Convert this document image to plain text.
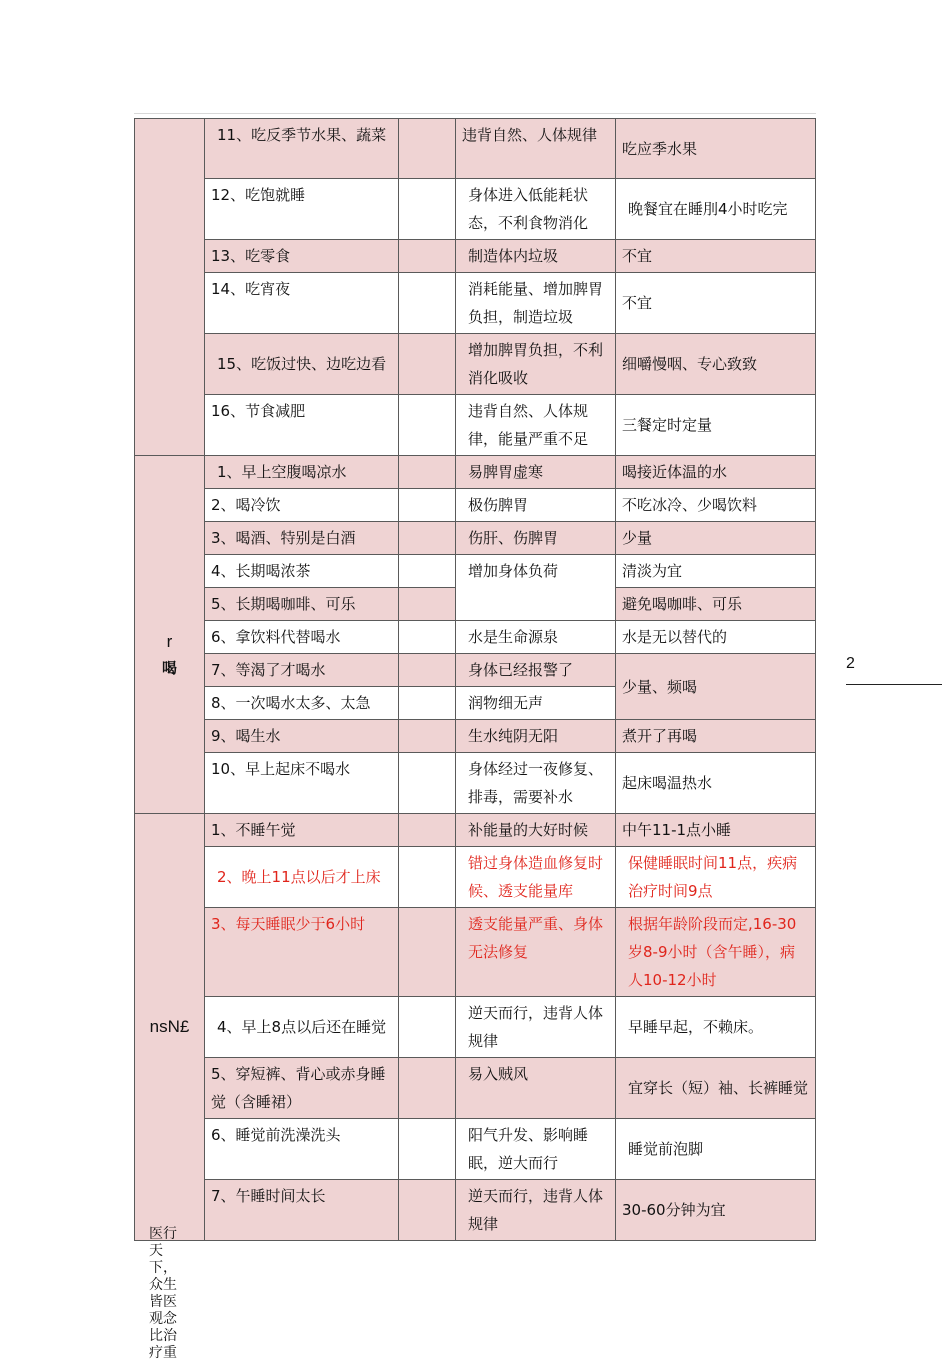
	11、吃反季节水果、蔬菜		违背自然、人体规律	吃应季水果
	12、吃饱就睡		身体进入低能耗状态，不利食物消化	晚餐宜在睡刖4小时吃完
	13、吃零食		制造体内垃圾	不宜
	14、吃宵夜		消耗能量、增加脾胃负担，制造垃圾	不宜
	15、吃饭过快、边吃边看		增加脾胃负担，不利消化吸收	细嚼慢咽、专心致致
	16、节食减肥		违背自然、人体规律，能量严重不足	三餐定时定量

r
喝	1、早上空腹喝凉水		易脾胃虚寒	喝接近体温的水
	2、喝冷饮		极伤脾胃	不吃冰冷、少喝饮料
	3、喝酒、特别是白酒		伤肝、伤脾胃	少量
	4、长期喝浓茶		增加身体负荷	清淡为宜
	5、长期喝咖啡、可乐			避免喝咖啡、可乐
	6、拿饮料代替喝水		水是生命源泉	水是无以替代的
	7、等渴了才喝水		身体已经报警了	少量、频喝
	8、一次喝水太多、太急		润物细无声	
	9、喝生水		生水纯阴无阳	煮开了再喝
	10、早上起床不喝水		身体经过一夜修复、排毒，需要补水	起床喝温热水

nsN£	1、不睡午觉		补能量的大好时候	中午11-1点小睡
	2、晚上11点以后才上床		错过身体造血修复时候、透支能量库	保健睡眠时间11点，疾病治疗时间9点
	3、每天睡眠少于6小时		透支能量严重、身体无法修复	根据年龄阶段而定,16-30岁8-9小时（含午睡），病人10-12小时
	4、早上8点以后还在睡觉		逆天而行，违背人体规律	早睡早起，不赖床。
	5、穿短裤、背心或赤身睡觉（含睡裙）		易入贼风	宜穿长（短）袖、长裤睡觉
	6、睡觉前洗澡洗头		阳气升发、影响睡眠，逆大而行	睡觉前泡脚
	7、午睡时间太长		逆天而行，违背人体规律	30-60分钟为宜
2
医行天下，众生皆医观念比治疗重
